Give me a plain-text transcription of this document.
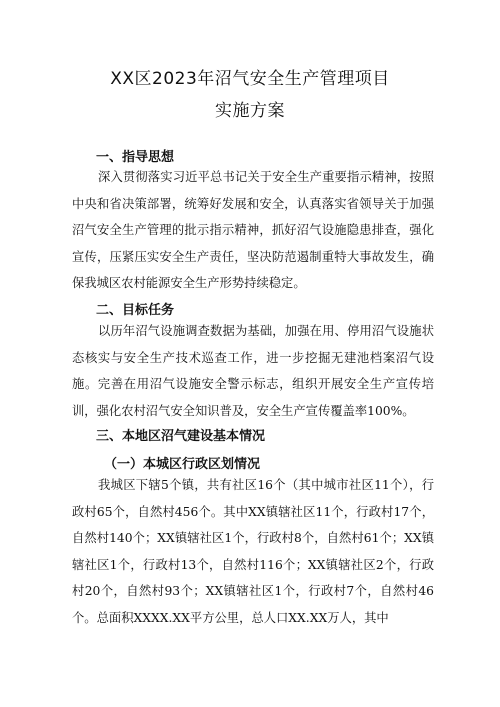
XX区2023年沼气安全生产管理项目
实施方案
一、指导思想
深入贯彻落实习近平总书记关于安全生产重要指示精神，按照中央和省决策部署，统筹好发展和安全，认真落实省领导关于加强沼气安全生产管理的批示指示精神，抓好沼气设施隐患排查，强化宣传，压紧压实安全生产责任，坚决防范遏制重特大事故发生，确保我城区农村能源安全生产形势持续稳定。
二、目标任务
以历年沼气设施调查数据为基础，加强在用、停用沼气设施状态核实与安全生产技术巡查工作，进一步挖掘无建池档案沼气设施。完善在用沼气设施安全警示标志，组织开展安全生产宣传培训，强化农村沼气安全知识普及，安全生产宣传覆盖率100%。
三、本地区沼气建设基本情况
（一）本城区行政区划情况
我城区下辖5个镇，共有社区16个（其中城市社区11个），行政村65个，自然村456个。其中XX镇辖社区11个，行政村17个，自然村140个；XX镇辖社区1个，行政村8个，自然村61个；XX镇辖社区1个，行政村13个，自然村116个；XX镇辖社区2个，行政村20个，自然村93个；XX镇辖社区1个，行政村7个，自然村46个。总面积XXXX.XX平方公里，总人口XX.XX万人，其中
